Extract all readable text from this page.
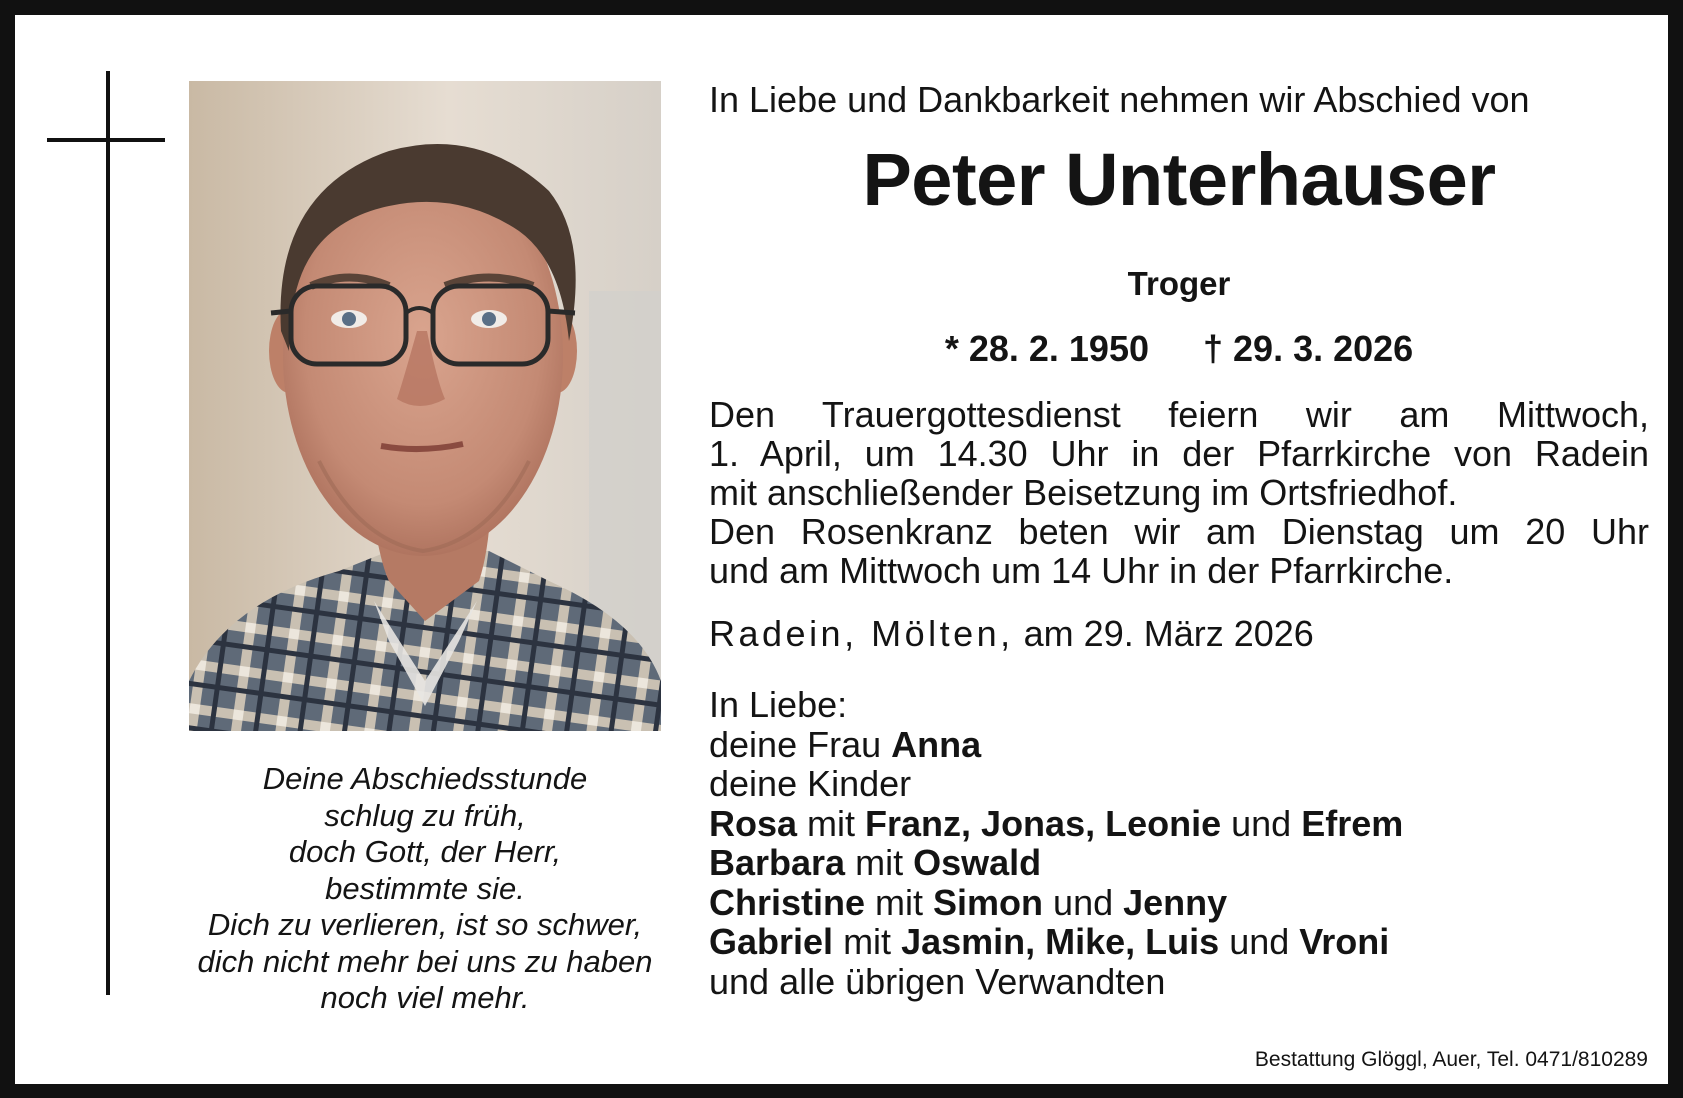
Deine Abschiedsstunde
schlug zu früh,
doch Gott, der Herr,
bestimmte sie.
Dich zu verlieren, ist so schwer,
dich nicht mehr bei uns zu haben
noch viel mehr.
In Liebe und Dankbarkeit nehmen wir Abschied von
Peter Unterhauser
Troger
* 28. 2. 1950 † 29. 3. 2026
Den Trauergottesdienst feiern wir am Mittwoch,
1. April, um 14.30 Uhr in der Pfarrkirche von Radein
mit anschließender Beisetzung im Ortsfriedhof.
Den Rosenkranz beten wir am Dienstag um 20 Uhr
und am Mittwoch um 14 Uhr in der Pfarrkirche.
Radein, Mölten, am 29. März 2026
In Liebe:
deine Frau Anna
deine Kinder
Rosa mit Franz, Jonas, Leonie und Efrem
Barbara mit Oswald
Christine mit Simon und Jenny
Gabriel mit Jasmin, Mike, Luis und Vroni
und alle übrigen Verwandten
Bestattung Glöggl, Auer, Tel. 0471/810289
